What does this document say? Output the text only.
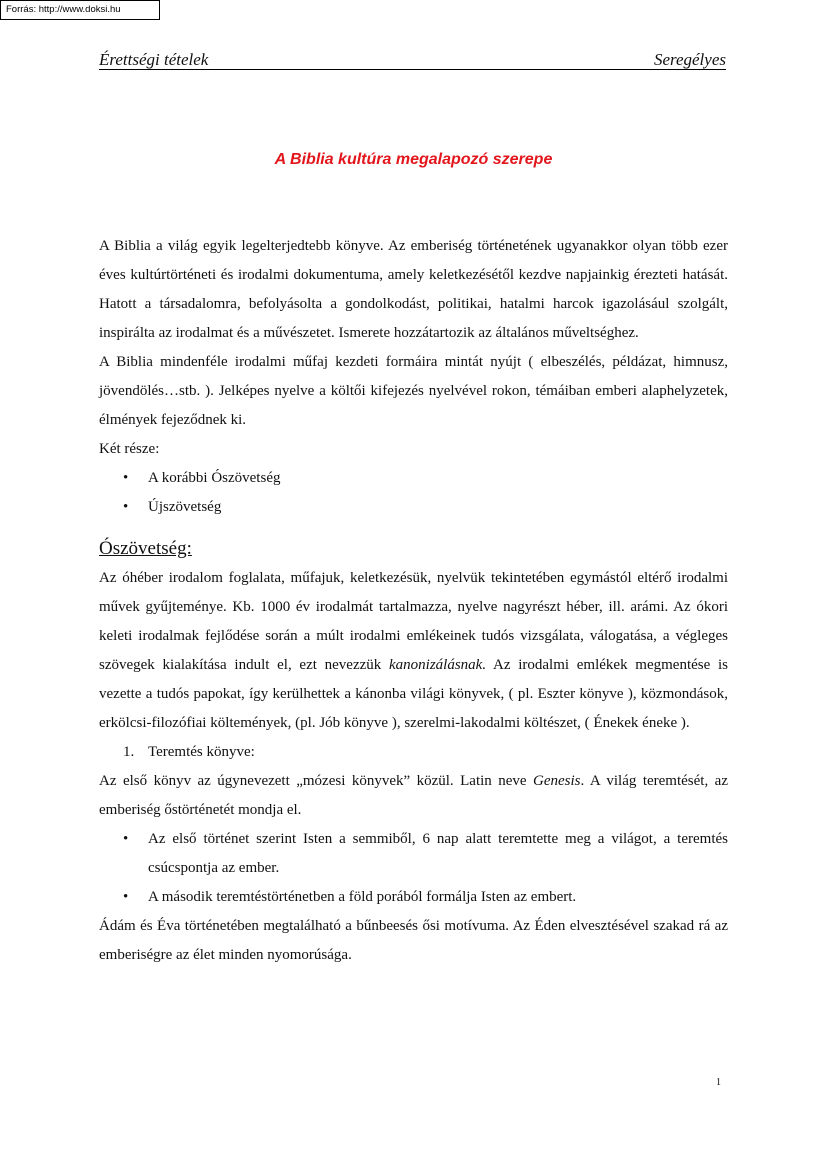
Forrás: http://www.doksi.hu
Érettségi tételek	Seregélyes
A Biblia kultúra megalapozó szerepe

A Biblia a világ egyik legelterjedtebb könyve. Az emberiség történetének ugyanakkor olyan több ezer éves kultúrtörténeti és irodalmi dokumentuma, amely keletkezésétől kezdve napjainkig érezteti hatását. Hatott a társadalomra, befolyásolta a gondolkodást, politikai, hatalmi harcok igazolásául szolgált, inspirálta az irodalmat és a művészetet. Ismerete hozzátartozik az általános műveltséghez.

A Biblia mindenféle irodalmi műfaj kezdeti formáira mintát nyújt ( elbeszélés, példázat, himnusz, jövendölés…stb. ). Jelképes nyelve a költői kifejezés nyelvével rokon, témáiban emberi alaphelyzetek, élmények fejeződnek ki.

Két része:

• A korábbi Ószövetség
• Újszövetség

Ószövetség:

Az óhéber irodalom foglalata, műfajuk, keletkezésük, nyelvük tekintetében egymástól eltérő irodalmi művek gyűjteménye. Kb. 1000 év irodalmát tartalmazza, nyelve nagyrészt héber, ill. arámi. Az ókori keleti irodalmak fejlődése során a múlt irodalmi emlékeinek tudós vizsgálata, válogatása, a végleges szövegek kialakítása indult el, ezt nevezzük kanonizálásnak. Az irodalmi emlékek megmentése is vezette a tudós papokat, így kerülhettek a kánonba világi könyvek, ( pl. Eszter könyve ), közmondások, erkölcsi-filozófiai költemények, (pl. Jób könyve ), szerelmi-lakodalmi költészet, ( Énekek éneke ).

1. Teremtés könyve:

Az első könyv az úgynevezett „mózesi könyvek” közül. Latin neve Genesis. A világ teremtését, az emberiség őstörténetét mondja el.

• Az első történet szerint Isten a semmiből, 6 nap alatt teremtette meg a világot, a teremtés csúcspontja az ember.
• A második teremtéstörténetben a föld porából formálja Isten az embert.

Ádám és Éva történetében megtalálható a bűnbeesés ősi motívuma. Az Éden elvesztésével szakad rá az emberiségre az élet minden nyomorúsága.

1
